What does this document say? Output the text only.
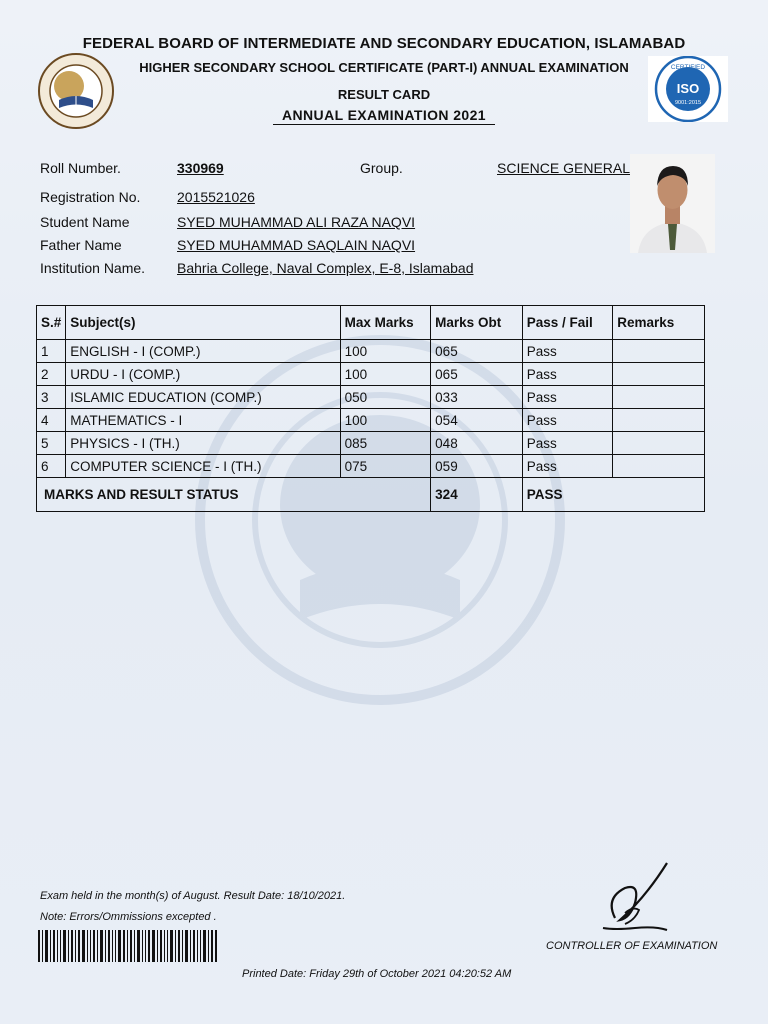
FEDERAL BOARD OF INTERMEDIATE AND SECONDARY EDUCATION, ISLAMABAD
HIGHER SECONDARY SCHOOL CERTIFICATE (PART-I) ANNUAL EXAMINATION
RESULT CARD
ANNUAL EXAMINATION 2021
CERTIFIED
ISO
9001:2015
Roll Number.	330969	Group.	SCIENCE GENERAL
Registration No.	2015521026
Student Name	SYED MUHAMMAD ALI RAZA NAQVI
Father Name	SYED MUHAMMAD SAQLAIN NAQVI
Institution Name. Bahria College, Naval Complex, E-8, Islamabad
S.#	Subject(s)	Max Marks	Marks Obt	Pass / Fail	Remarks
1	ENGLISH - I (COMP.)	100	065	Pass	
2	URDU - I (COMP.)	100	065	Pass	
3	ISLAMIC EDUCATION (COMP.)	050	033	Pass	
4	MATHEMATICS - I	100	054	Pass	
5	PHYSICS - I (TH.)	085	048	Pass	
6	COMPUTER SCIENCE - I (TH.)	075	059	Pass	
MARKS AND RESULT STATUS			324	PASS	
Exam held in the month(s) of August. Result Date: 18/10/2021.
Note: Errors/Ommissions excepted .
CONTROLLER OF EXAMINATION
Printed Date: Friday 29th of October 2021 04:20:52 AM
